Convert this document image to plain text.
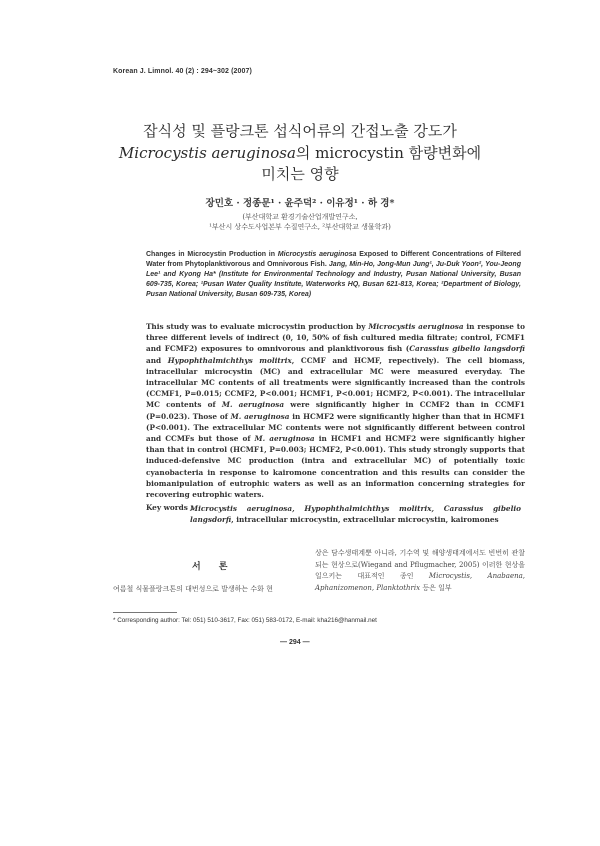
Korean J. Limnol. 40 (2) : 294~302 (2007)
잡식성 및 플랑크톤 섭식어류의 간접노출 강도가
Microcystis aeruginosa의 microcystin 함량변화에
미치는 영향
장민호 · 정종문¹ · 윤주덕² · 이유정¹ · 하 경*
(부산대학교 환경기술산업개발연구소,
¹부산시 상수도사업본부 수질연구소, ²부산대학교 생물학과)
Changes in Microcystin Production in Microcystis aeruginosa Exposed to Different Concentrations of Filtered Water from Phytoplanktivorous and Omnivorous Fish. Jang, Min-Ho, Jong-Mun Jung¹, Ju-Duk Yoon², You-Jeong Lee¹ and Kyong Ha* (Institute for Environmental Technology and Industry, Pusan National University, Busan 609-735, Korea; ¹Pusan Water Quality Institute, Waterworks HQ, Busan 621-813, Korea; ²Department of Biology, Pusan National University, Busan 609-735, Korea)
This study was to evaluate microcystin production by Microcystis aeruginosa in response to three different levels of indirect (0, 10, 50% of fish cultured media filtrate; control, FCMF1 and FCMF2) exposures to omnivorous and planktivorous fish (Carassius gibelio langsdorfi and Hypophthalmichthys molitrix, CCMF and HCMF, repectively). The cell biomass, intracellular microcystin (MC) and extracellular MC were measured everyday. The intracellular MC contents of all treatments were significantly increased than the controls (CCMF1, P=0.015; CCMF2, P<0.001; HCMF1, P<0.001; HCMF2, P<0.001). The intracellular MC contents of M. aeruginosa were significantly higher in CCMF2 than in CCMF1 (P=0.023). Those of M. aeruginosa in HCMF2 were significantly higher than that in HCMF1 (P<0.001). The extracellular MC contents were not significantly different between control and CCMFs but those of M. aeruginosa in HCMF1 and HCMF2 were significantly higher than that in control (HCMF1, P=0.003; HCMF2, P<0.001). This study strongly supports that induced-defensive MC production (intra and extracellular MC) of potentially toxic cyanobacteria in response to kairomone concentration and this results can consider the biomanipulation of eutrophic waters as well as an information concerning strategies for recovering eutrophic waters.
Key words :
Microcystis aeruginosa, Hypophthalmichthys molitrix, Carassius gibelio langsdorfi, intracellular microcystin, extracellular microcystin, kairomones
서론
여름철 식물플랑크톤의 대번성으로 발생하는 수화 현
상은 담수생태계뿐 아니라, 기수역 및 해양생태계에서도 빈번히 관찰되는 현상으로(Wiegand and Pflugmacher, 2005) 이러한 현상을 일으키는 대표적인 종인 Microcystis, Anabaena, Aphanizomenon, Planktothrix 등은 일부
* Corresponding author: Tel: 051) 510-3617, Fax: 051) 583-0172, E-mail: kha216@hanmail.net
— 294 —
